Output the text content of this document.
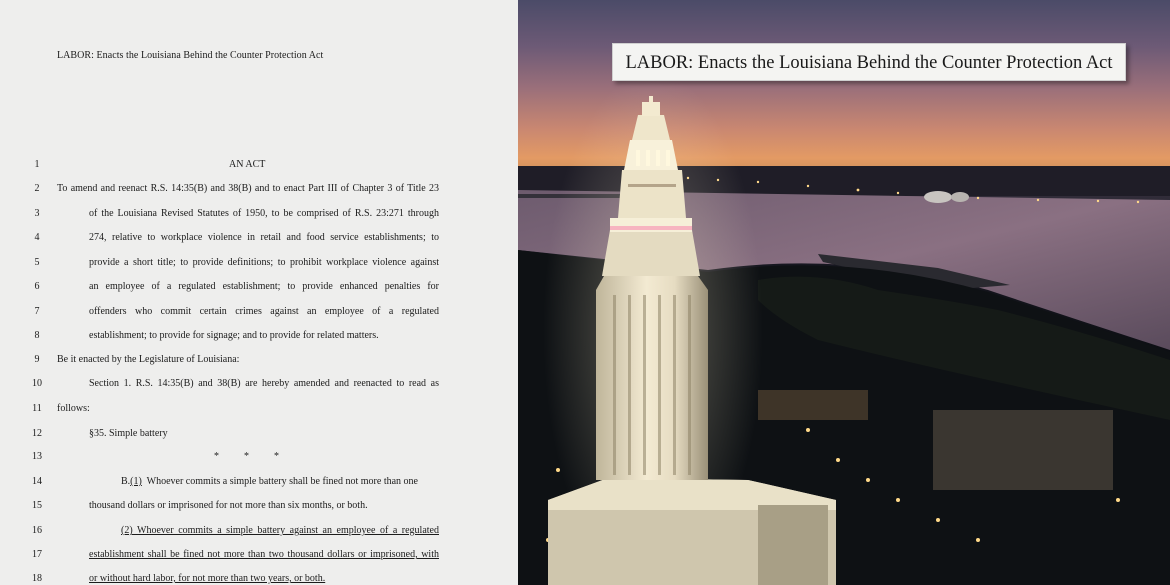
LABOR: Enacts the Louisiana Behind the Counter Protection Act
1	AN ACT
2	To amend and reenact R.S. 14:35(B) and 38(B) and to enact Part III of Chapter 3 of Title 23
3	of the Louisiana Revised Statutes of 1950, to be comprised of R.S. 23:271 through
4	274, relative to workplace violence in retail and food service establishments; to
5	provide a short title; to provide definitions; to prohibit workplace violence against
6	an employee of a regulated establishment; to provide enhanced penalties for
7	offenders who commit certain crimes against an employee of a regulated
8	establishment; to provide for signage; and to provide for related matters.
9	Be it enacted by the Legislature of Louisiana:
10	Section 1. R.S. 14:35(B) and 38(B) are hereby amended and reenacted to read as
11 follows:
12	§35. Simple battery
13	*          *          *
14	B.(1)  Whoever commits a simple battery shall be fined not more than one
15	thousand dollars or imprisoned for not more than six months, or both.
16	(2) Whoever commits a simple battery against an employee of a regulated
17	establishment shall be fined not more than two thousand dollars or imprisoned, with
18	or without hard labor, for not more than two years, or both.
LABOR: Enacts the Louisiana Behind the Counter Protection Act
